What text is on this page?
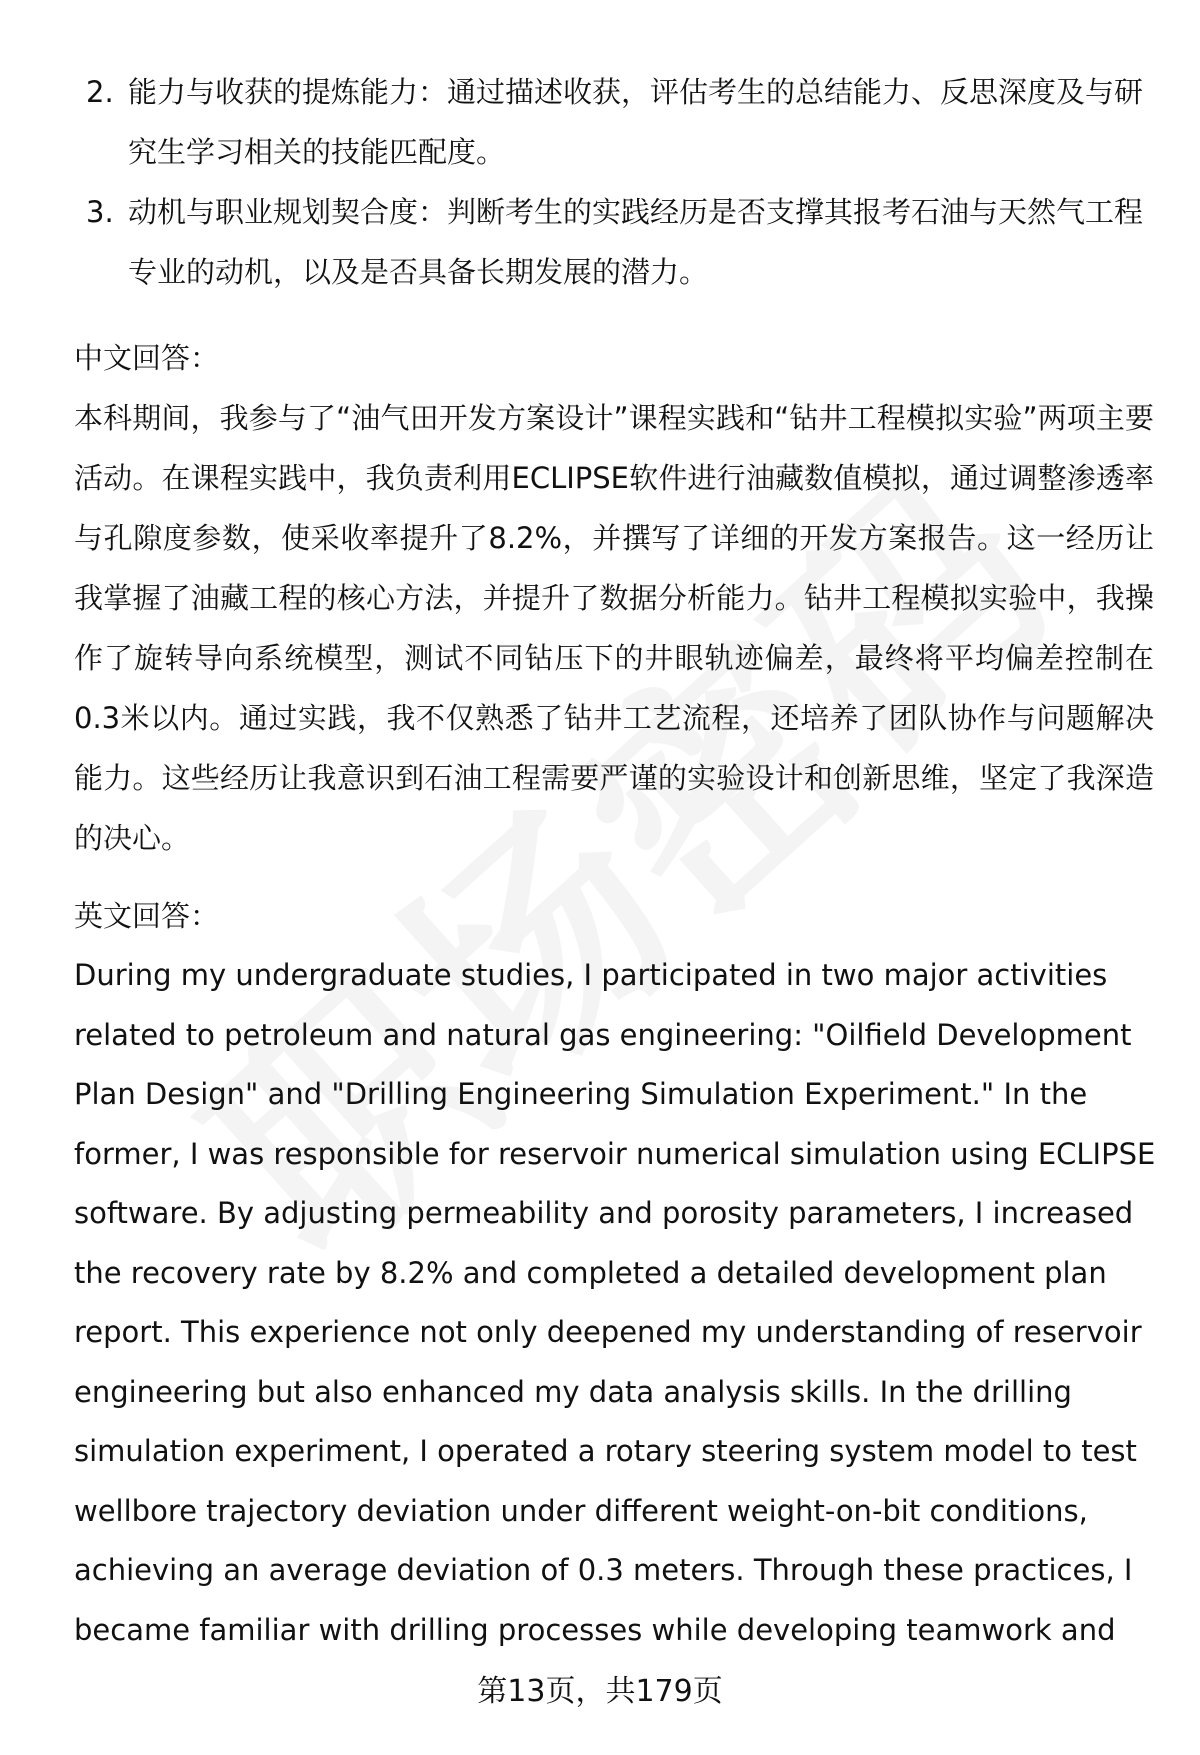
2. 能力与收获的提炼能力：通过描述收获，评估考生的总结能力、反思深度及与研究生学习相关的技能匹配度。
3. 动机与职业规划契合度：判断考生的实践经历是否支撑其报考石油与天然气工程专业的动机，以及是否具备长期发展的潜力。
中文回答：

本科期间，我参与了“油气田开发方案设计”课程实践和“钻井工程模拟实验”两项主要活动。在课程实践中，我负责利用ECLIPSE软件进行油藏数值模拟，通过调整渗透率与孔隙度参数，使采收率提升了8.2%，并撰写了详细的开发方案报告。这一经历让我掌握了油藏工程的核心方法，并提升了数据分析能力。钻井工程模拟实验中，我操作了旋转导向系统模型，测试不同钻压下的井眼轨迹偏差，最终将平均偏差控制在0.3米以内。通过实践，我不仅熟悉了钻井工艺流程，还培养了团队协作与问题解决能力。这些经历让我意识到石油工程需要严谨的实验设计和创新思维，坚定了我深造的决心。

英文回答：

During my undergraduate studies, I participated in two major activities related to petroleum and natural gas engineering: "Oilfield Development Plan Design" and "Drilling Engineering Simulation Experiment." In the former, I was responsible for reservoir numerical simulation using ECLIPSE software. By adjusting permeability and porosity parameters, I increased the recovery rate by 8.2% and completed a detailed development plan report. This experience not only deepened my understanding of reservoir engineering but also enhanced my data analysis skills. In the drilling simulation experiment, I operated a rotary steering system model to test wellbore trajectory deviation under different weight-on-bit conditions, achieving an average deviation of 0.3 meters. Through these practices, I became familiar with drilling processes while developing teamwork and

第13页，共179页
